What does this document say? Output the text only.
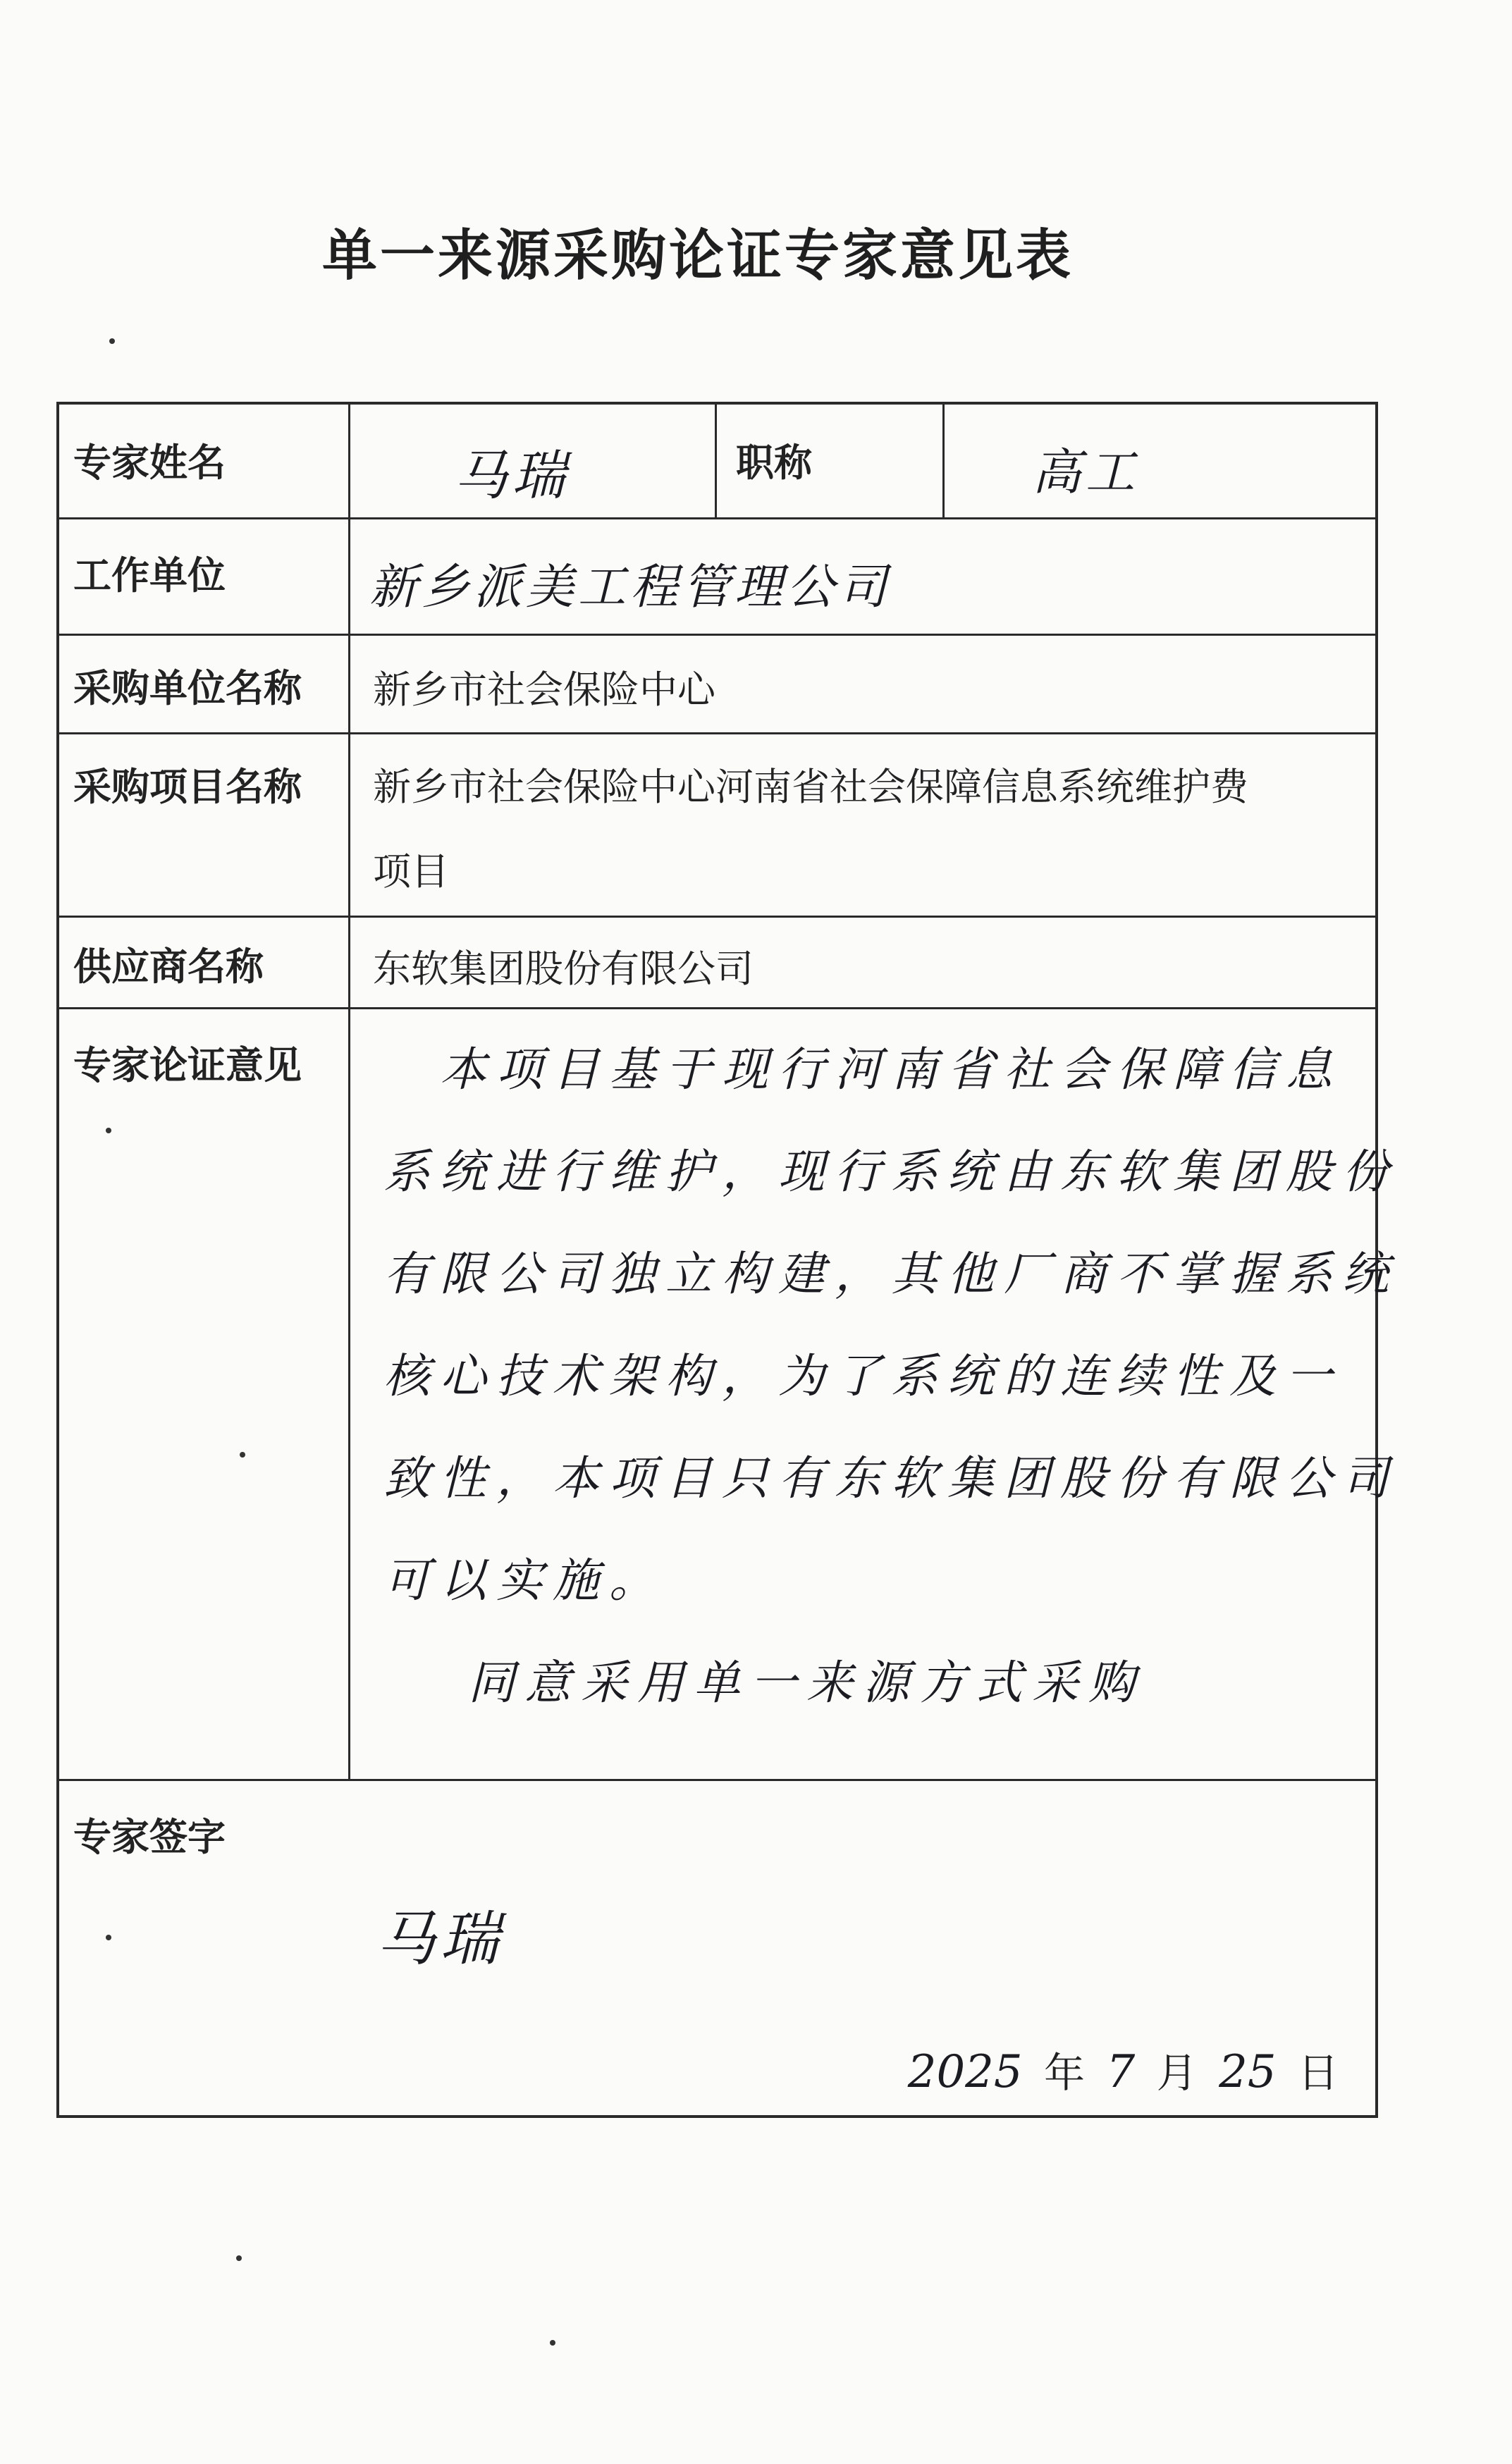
单一来源采购论证专家意见表
专家姓名	马瑞	职称	高工
工作单位	新乡派美工程管理公司
采购单位名称 新乡市社会保险中心
采购项目名称 新乡市社会保险中心河南省社会保障信息系统维护费
项目
供应商名称	东软集团股份有限公司
专家论证意见	本项目基于现行河南省社会保障信息
系统进行维护，现行系统由东软集团股份
有限公司独立构建，其他厂商不掌握系统
核心技术架构，为了系统的连续性及一
致性，本项目只有东软集团股份有限公司
可以实施。
同意采用单一来源方式采购
专家签字
马瑞
2025 年 7 月 25 日
